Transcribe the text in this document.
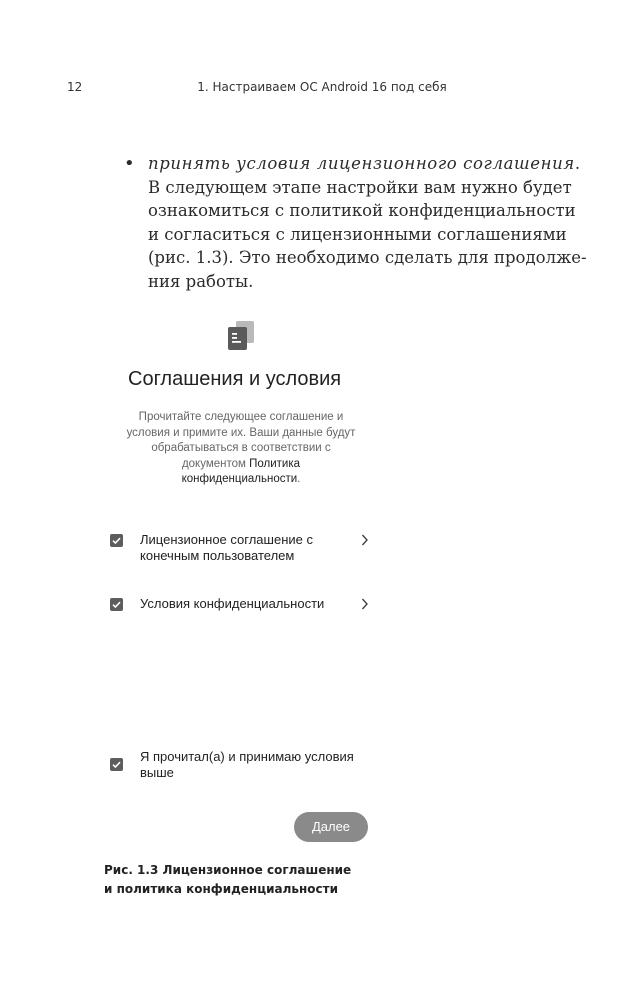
12	1. Настраиваем ОС Android 16 под себя
• принять условия лицензионного соглашения.
В следующем этапе настройки вам нужно будет
ознакомиться с политикой конфиденциальности
и согласиться с лицензионными соглашениями
(рис. 1.3). Это необходимо сделать для продолже-
ния работы.
Соглашения и условия
Прочитайте следующее соглашение и условия и примите их. Ваши данные будут обрабатываться в соответствии с документом Политика конфиденциальности.
Лицензионное соглашение с
конечным пользователем
Условия конфиденциальности
Я прочитал(а) и принимаю условия
выше
Далее
Рис. 1.3 Лицензионное соглашение
и политика конфиденциальности
